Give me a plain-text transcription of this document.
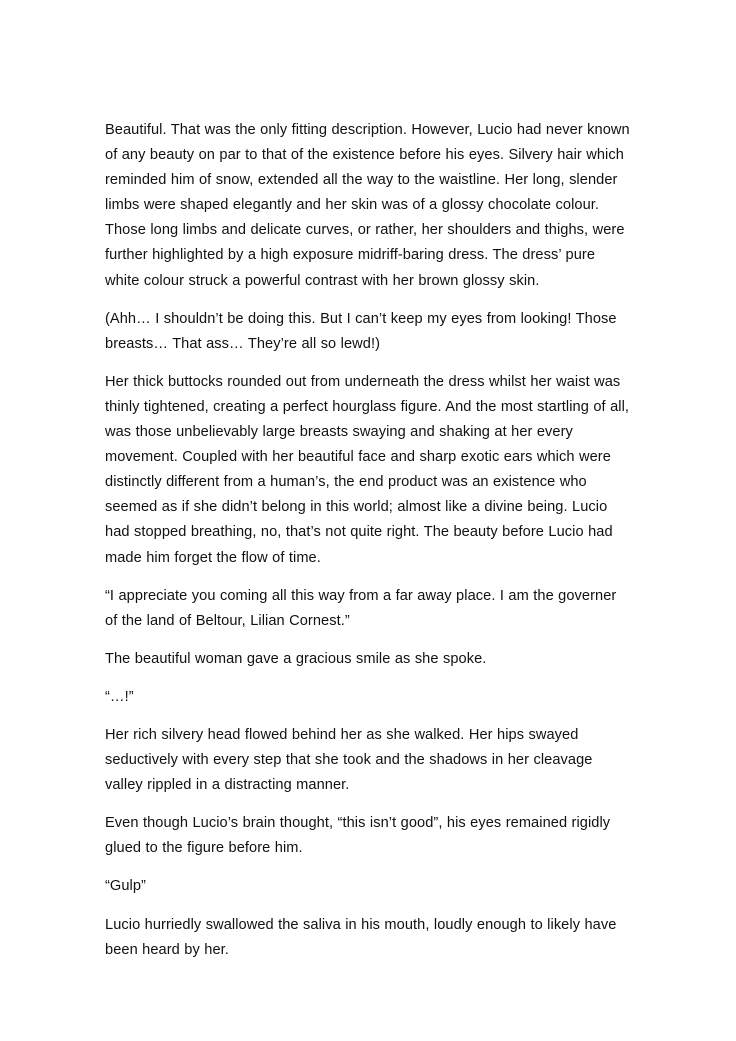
Beautiful. That was the only fitting description. However, Lucio had never known of any beauty on par to that of the existence before his eyes. Silvery hair which reminded him of snow, extended all the way to the waistline. Her long, slender limbs were shaped elegantly and her skin was of a glossy chocolate colour. Those long limbs and delicate curves, or rather, her shoulders and thighs, were further highlighted by a high exposure midriff-baring dress. The dress’ pure white colour struck a powerful contrast with her brown glossy skin.

(Ahh… I shouldn’t be doing this. But I can’t keep my eyes from looking! Those breasts… That ass… They’re all so lewd!)

Her thick buttocks rounded out from underneath the dress whilst her waist was thinly tightened, creating a perfect hourglass figure. And the most startling of all, was those unbelievably large breasts swaying and shaking at her every movement. Coupled with her beautiful face and sharp exotic ears which were distinctly different from a human’s, the end product was an existence who seemed as if she didn’t belong in this world; almost like a divine being. Lucio had stopped breathing, no, that’s not quite right. The beauty before Lucio had made him forget the flow of time.

“I appreciate you coming all this way from a far away place. I am the governer of the land of Beltour, Lilian Cornest.”

The beautiful woman gave a gracious smile as she spoke.

“…!”

Her rich silvery head flowed behind her as she walked. Her hips swayed seductively with every step that she took and the shadows in her cleavage valley rippled in a distracting manner.

Even though Lucio’s brain thought, “this isn’t good”, his eyes remained rigidly glued to the figure before him.

“Gulp”

Lucio hurriedly swallowed the saliva in his mouth, loudly enough to likely have been heard by her.
